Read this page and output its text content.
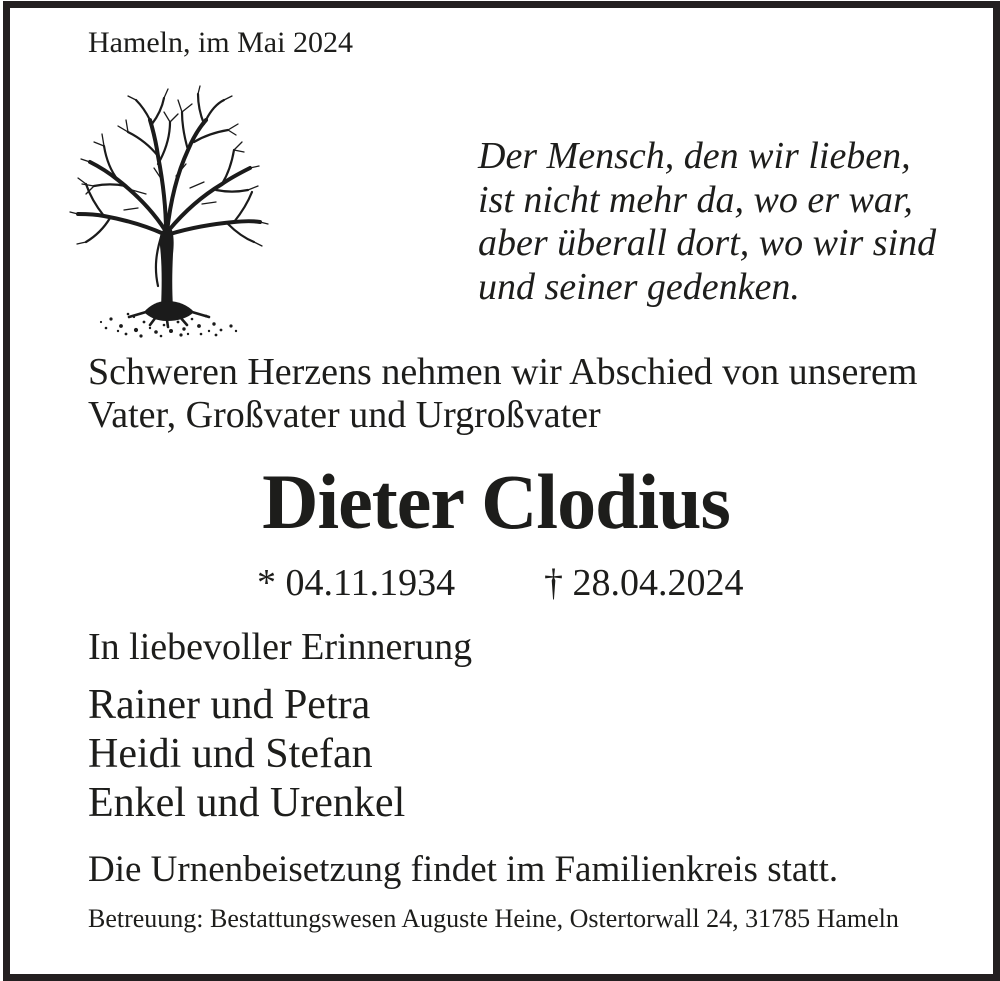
Hameln, im Mai 2024
Der Mensch, den wir lieben,
ist nicht mehr da, wo er war,
aber überall dort, wo wir sind
und seiner gedenken.
Schweren Herzens nehmen wir Abschied von unserem
Vater, Großvater und Urgroßvater
Dieter Clodius
* 04.11.1934 † 28.04.2024
In liebevoller Erinnerung
Rainer und Petra
Heidi und Stefan
Enkel und Urenkel
Die Urnenbeisetzung findet im Familienkreis statt.
Betreuung: Bestattungswesen Auguste Heine, Ostertorwall 24, 31785 Hameln
